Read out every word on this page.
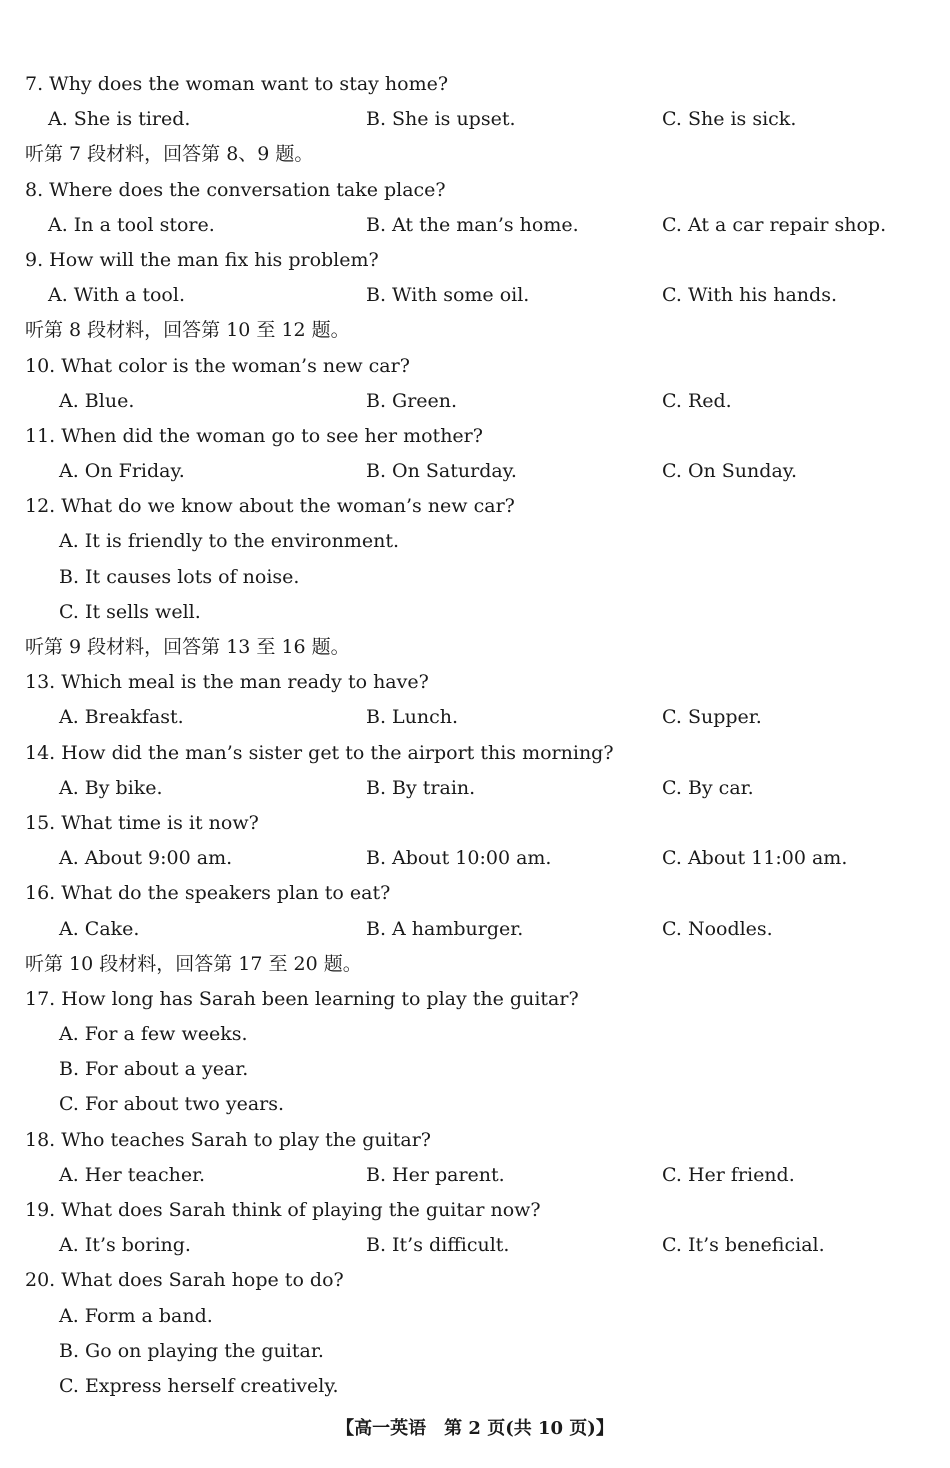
7. Why does the woman want to stay home?
A. She is tired.	B. She is upset.	C. She is sick.
听第 7 段材料，回答第 8、9 题。
8. Where does the conversation take place?
A. In a tool store.	B. At the man’s home.	C. At a car repair shop.
9. How will the man fix his problem?
A. With a tool.	B. With some oil.	C. With his hands.
听第 8 段材料，回答第 10 至 12 题。
10. What color is the woman’s new car?
A. Blue.	B. Green.	C. Red.
11. When did the woman go to see her mother?
A. On Friday.	B. On Saturday.	C. On Sunday.
12. What do we know about the woman’s new car?
A. It is friendly to the environment.
B. It causes lots of noise.
C. It sells well.
听第 9 段材料，回答第 13 至 16 题。
13. Which meal is the man ready to have?
A. Breakfast.	B. Lunch.	C. Supper.
14. How did the man’s sister get to the airport this morning?
A. By bike.	B. By train.	C. By car.
15. What time is it now?
A. About 9:00 am.	B. About 10:00 am.	C. About 11:00 am.
16. What do the speakers plan to eat?
A. Cake.	B. A hamburger.	C. Noodles.
听第 10 段材料，回答第 17 至 20 题。
17. How long has Sarah been learning to play the guitar?
A. For a few weeks.
B. For about a year.
C. For about two years.
18. Who teaches Sarah to play the guitar?
A. Her teacher.	B. Her parent.	C. Her friend.
19. What does Sarah think of playing the guitar now?
A. It’s boring.	B. It’s difficult.	C. It’s beneficial.
20. What does Sarah hope to do?
A. Form a band.
B. Go on playing the guitar.
C. Express herself creatively.
【高一英语　第 2 页(共 10 页)】
